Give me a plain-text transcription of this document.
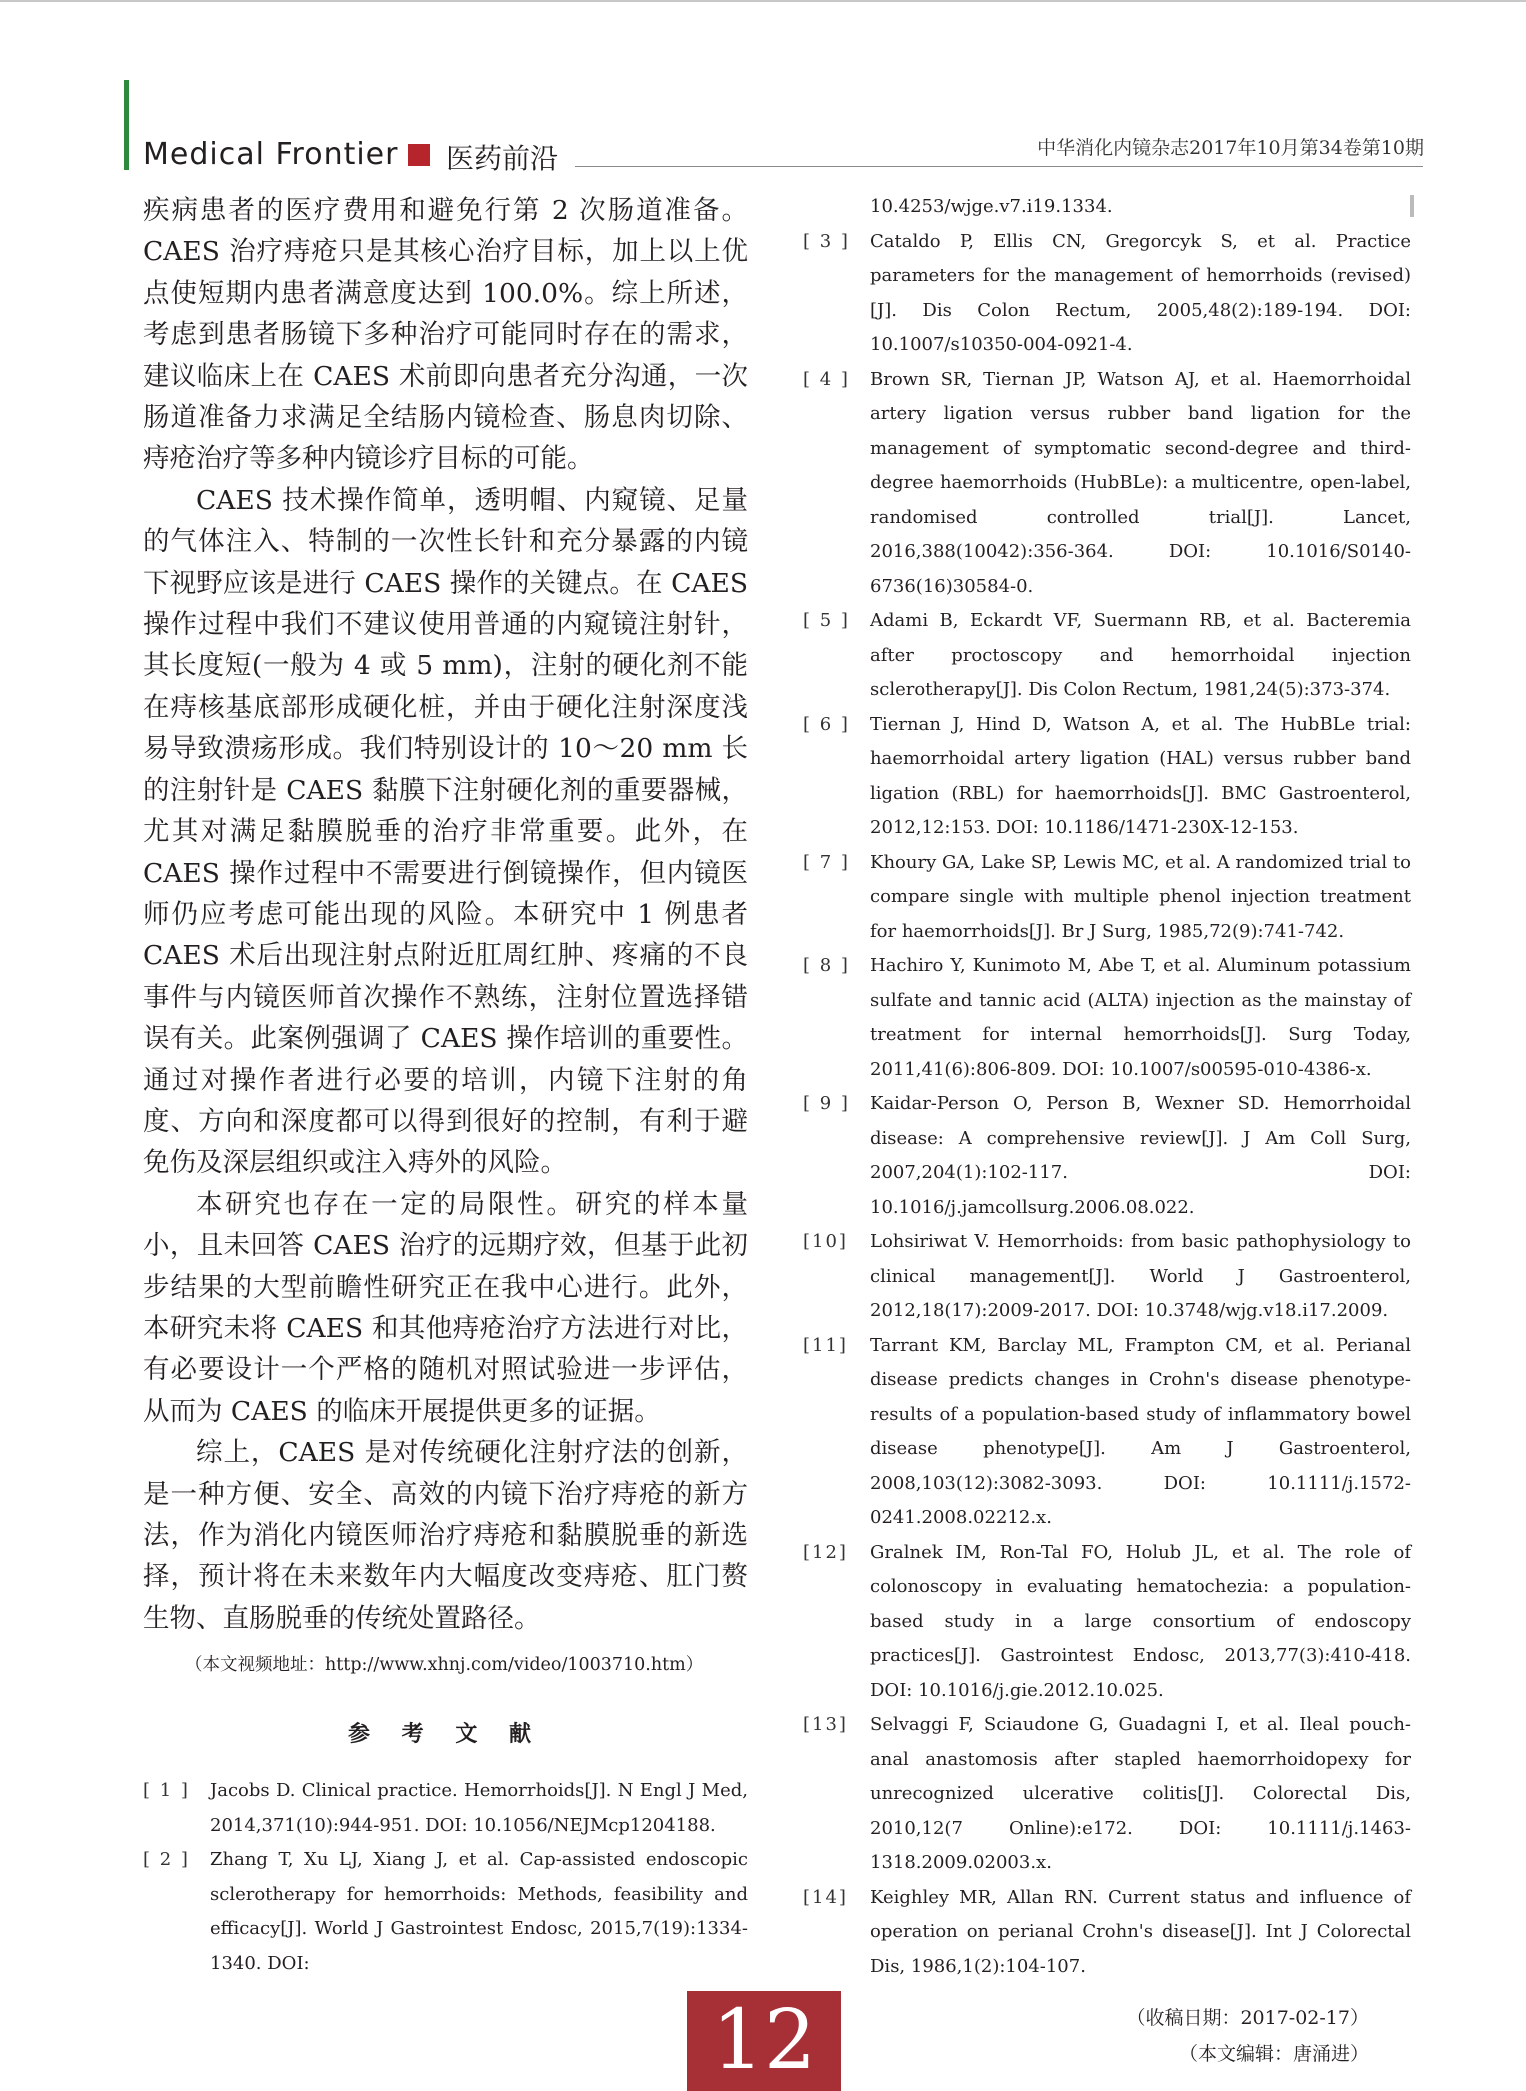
Medical Frontier 医药前沿	中华消化内镜杂志2017年10月第34卷第10期

疾病患者的医疗费用和避免行第 2 次肠道准备。CAES 治疗痔疮只是其核心治疗目标，加上以上优点使短期内患者满意度达到 100.0%。综上所述，考虑到患者肠镜下多种治疗可能同时存在的需求，建议临床上在 CAES 术前即向患者充分沟通，一次肠道准备力求满足全结肠内镜检查、肠息肉切除、痔疮治疗等多种内镜诊疗目标的可能。

CAES 技术操作简单，透明帽、内窥镜、足量的气体注入、特制的一次性长针和充分暴露的内镜下视野应该是进行 CAES 操作的关键点。在 CAES 操作过程中我们不建议使用普通的内窥镜注射针，其长度短(一般为 4 或 5 mm)，注射的硬化剂不能在痔核基底部形成硬化桩，并由于硬化注射深度浅易导致溃疡形成。我们特别设计的 10～20 mm 长的注射针是 CAES 黏膜下注射硬化剂的重要器械，尤其对满足黏膜脱垂的治疗非常重要。此外，在 CAES 操作过程中不需要进行倒镜操作，但内镜医师仍应考虑可能出现的风险。本研究中 1 例患者 CAES 术后出现注射点附近肛周红肿、疼痛的不良事件与内镜医师首次操作不熟练，注射位置选择错误有关。此案例强调了 CAES 操作培训的重要性。通过对操作者进行必要的培训，内镜下注射的角度、方向和深度都可以得到很好的控制，有利于避免伤及深层组织或注入痔外的风险。

本研究也存在一定的局限性。研究的样本量小，且未回答 CAES 治疗的远期疗效，但基于此初步结果的大型前瞻性研究正在我中心进行。此外，本研究未将 CAES 和其他痔疮治疗方法进行对比，有必要设计一个严格的随机对照试验进一步评估，从而为 CAES 的临床开展提供更多的证据。

综上，CAES 是对传统硬化注射疗法的创新，是一种方便、安全、高效的内镜下治疗痔疮的新方法，作为消化内镜医师治疗痔疮和黏膜脱垂的新选择，预计将在未来数年内大幅度改变痔疮、肛门赘生物、直肠脱垂的传统处置路径。

（本文视频地址：http://www.xhnj.com/video/1003710.htm）
参 考 文 献
[ 1 ]	Jacobs D. Clinical practice. Hemorrhoids[J]. N Engl J Med, 2014,371(10):944-951. DOI: 10.1056/NEJMcp1204188.
[ 2 ]	Zhang T, Xu LJ, Xiang J, et al. Cap-assisted endoscopic sclerotherapy for hemorrhoids: Methods, feasibility and efficacy[J]. World J Gastrointest Endosc, 2015,7(19):1334-1340. DOI:
10.4253/wjge.v7.i19.1334.
[ 3 ]	Cataldo P, Ellis CN, Gregorcyk S, et al. Practice parameters for the management of hemorrhoids (revised)[J]. Dis Colon Rectum, 2005,48(2):189-194. DOI: 10.1007/s10350-004-0921-4.
[ 4 ]	Brown SR, Tiernan JP, Watson AJ, et al. Haemorrhoidal artery ligation versus rubber band ligation for the management of symptomatic second-degree and third-degree haemorrhoids (HubBLe): a multicentre, open-label, randomised controlled trial[J]. Lancet, 2016,388(10042):356-364. DOI: 10.1016/S0140-6736(16)30584-0.
[ 5 ]	Adami B, Eckardt VF, Suermann RB, et al. Bacteremia after proctoscopy and hemorrhoidal injection sclerotherapy[J]. Dis Colon Rectum, 1981,24(5):373-374.
[ 6 ]	Tiernan J, Hind D, Watson A, et al. The HubBLe trial: haemorrhoidal artery ligation (HAL) versus rubber band ligation (RBL) for haemorrhoids[J]. BMC Gastroenterol, 2012,12:153. DOI: 10.1186/1471-230X-12-153.
[ 7 ]	Khoury GA, Lake SP, Lewis MC, et al. A randomized trial to compare single with multiple phenol injection treatment for haemorrhoids[J]. Br J Surg, 1985,72(9):741-742.
[ 8 ]	Hachiro Y, Kunimoto M, Abe T, et al. Aluminum potassium sulfate and tannic acid (ALTA) injection as the mainstay of treatment for internal hemorrhoids[J]. Surg Today, 2011,41(6):806-809. DOI: 10.1007/s00595-010-4386-x.
[ 9 ]	Kaidar-Person O, Person B, Wexner SD. Hemorrhoidal disease: A comprehensive review[J]. J Am Coll Surg, 2007,204(1):102-117. DOI: 10.1016/j.jamcollsurg.2006.08.022.
[10]	Lohsiriwat V. Hemorrhoids: from basic pathophysiology to clinical management[J]. World J Gastroenterol, 2012,18(17):2009-2017. DOI: 10.3748/wjg.v18.i17.2009.
[11]	Tarrant KM, Barclay ML, Frampton CM, et al. Perianal disease predicts changes in Crohn's disease phenotype-results of a population-based study of inflammatory bowel disease phenotype[J]. Am J Gastroenterol, 2008,103(12):3082-3093. DOI: 10.1111/j.1572-0241.2008.02212.x.
[12]	Gralnek IM, Ron-Tal FO, Holub JL, et al. The role of colonoscopy in evaluating hematochezia: a population-based study in a large consortium of endoscopy practices[J]. Gastrointest Endosc, 2013,77(3):410-418. DOI: 10.1016/j.gie.2012.10.025.
[13]	Selvaggi F, Sciaudone G, Guadagni I, et al. Ileal pouch-anal anastomosis after stapled haemorrhoidopexy for unrecognized ulcerative colitis[J]. Colorectal Dis, 2010,12(7 Online):e172. DOI: 10.1111/j.1463-1318.2009.02003.x.
[14]	Keighley MR, Allan RN. Current status and influence of operation on perianal Crohn's disease[J]. Int J Colorectal Dis, 1986,1(2):104-107.
（收稿日期：2017-02-17）
（本文编辑：唐涌进）
12
